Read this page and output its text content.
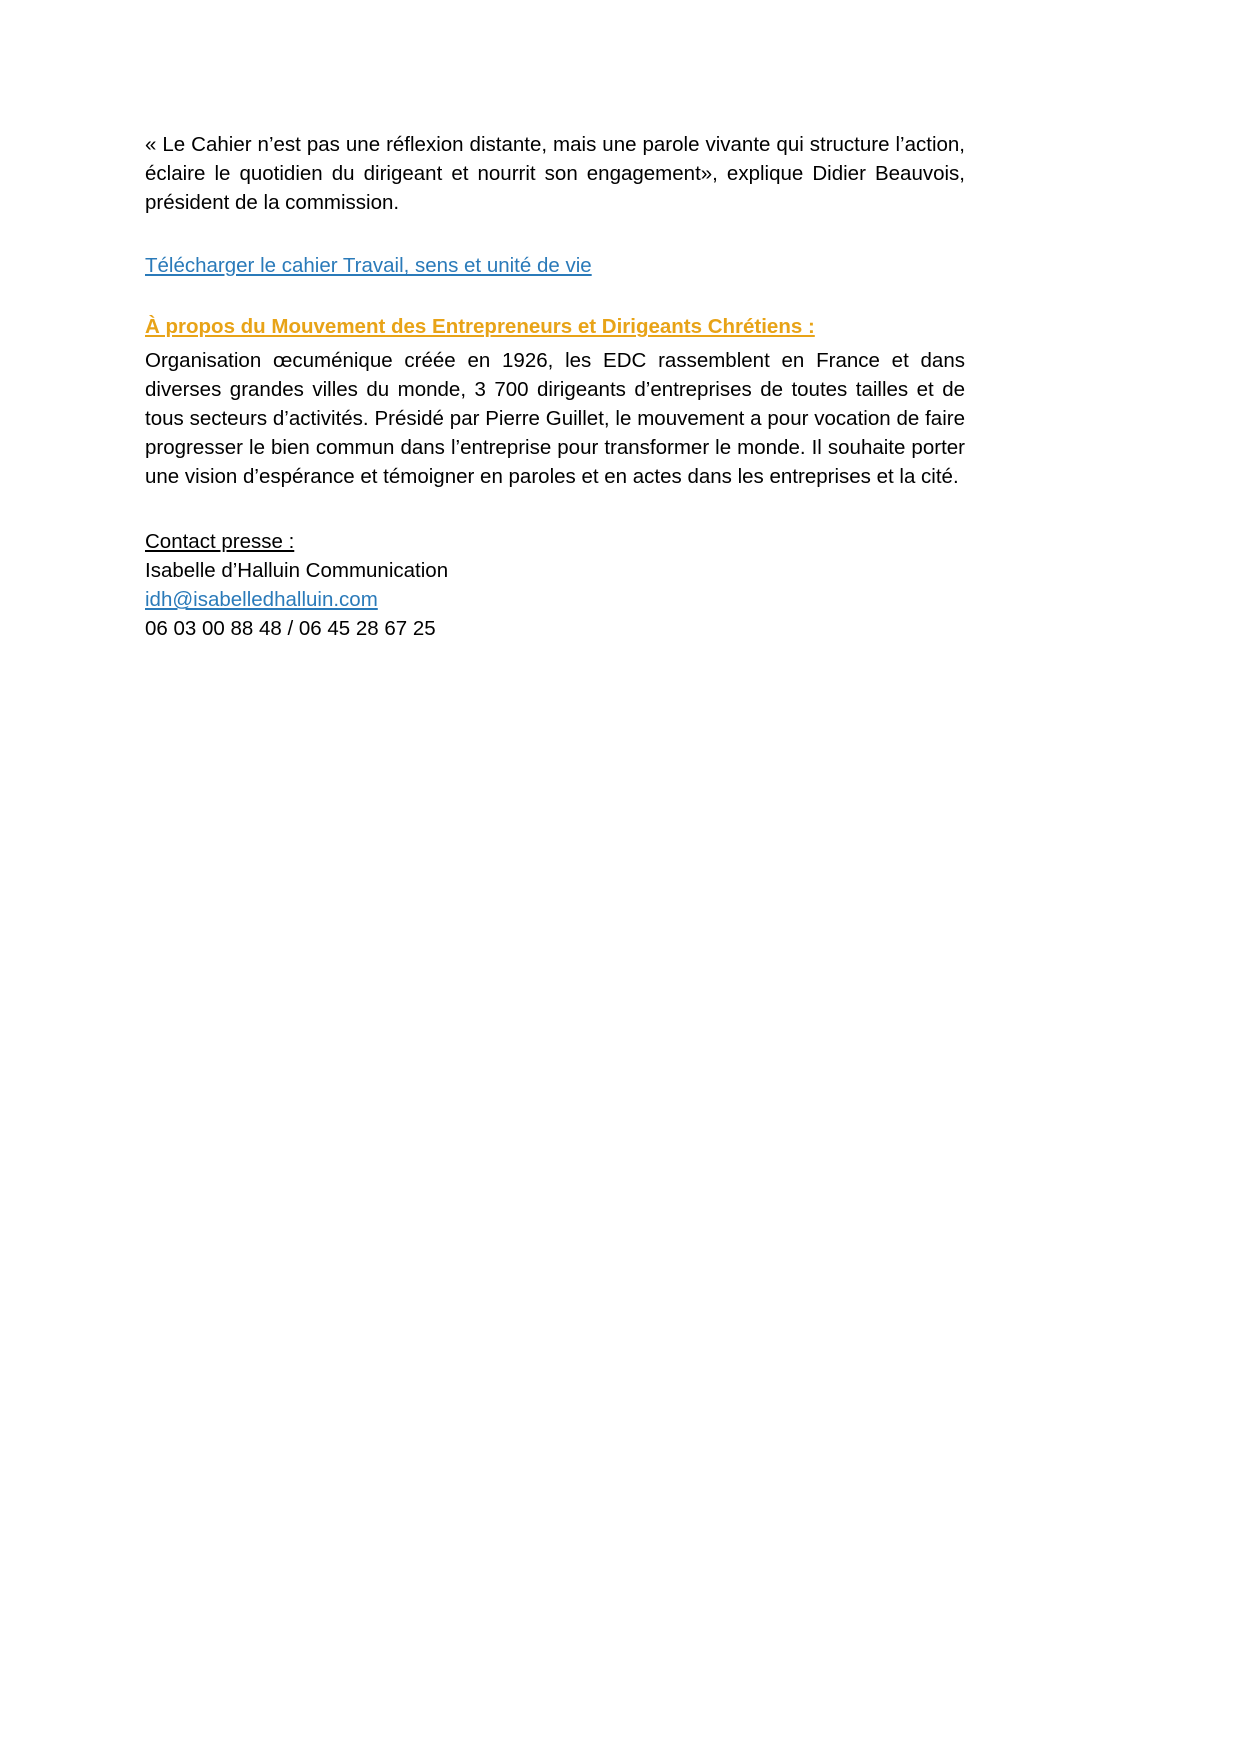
« Le Cahier n’est pas une réflexion distante, mais une parole vivante qui structure l’action, éclaire le quotidien du dirigeant et nourrit son engagement», explique Didier Beauvois, président de la commission.

Télécharger le cahier Travail, sens et unité de vie

À propos du Mouvement des Entrepreneurs et Dirigeants Chrétiens :

Organisation œcuménique créée en 1926, les EDC rassemblent en France et dans diverses grandes villes du monde, 3 700 dirigeants d’entreprises de toutes tailles et de tous secteurs d’activités. Présidé par Pierre Guillet, le mouvement a pour vocation de faire progresser le bien commun dans l’entreprise pour transformer le monde. Il souhaite porter une vision d’espérance et témoigner en paroles et en actes dans les entreprises et la cité.

Contact presse :

Isabelle d’Halluin Communication

idh@isabelledhalluin.com

06 03 00 88 48 / 06 45 28 67 25
